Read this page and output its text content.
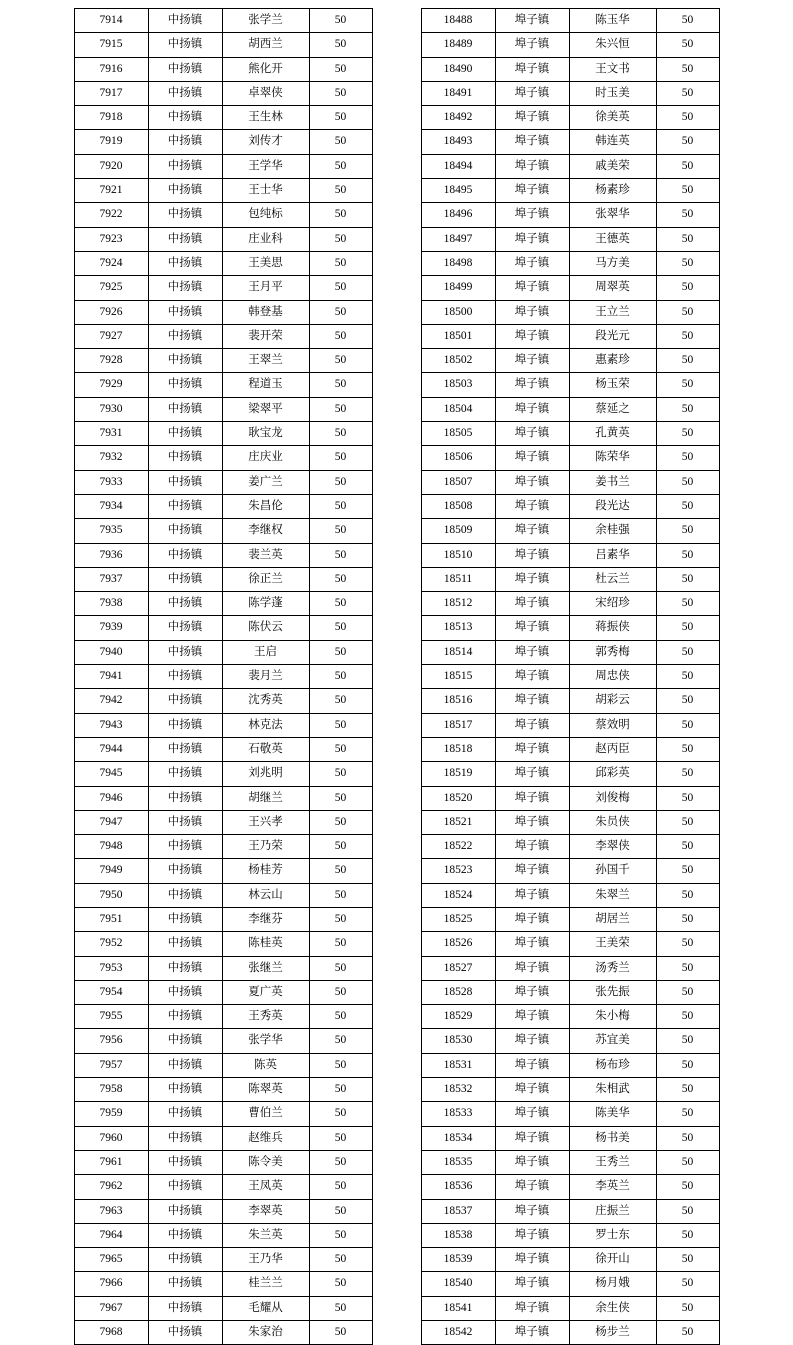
7914	中扬镇	张学兰	50
7915	中扬镇	胡西兰	50
7916	中扬镇	熊化开	50
7917	中扬镇	卓翠侠	50
7918	中扬镇	王生林	50
7919	中扬镇	刘传才	50
7920	中扬镇	王学华	50
7921	中扬镇	王士华	50
7922	中扬镇	包纯标	50
7923	中扬镇	庄业科	50
7924	中扬镇	王美思	50
7925	中扬镇	王月平	50
7926	中扬镇	韩登基	50
7927	中扬镇	裴开荣	50
7928	中扬镇	王翠兰	50
7929	中扬镇	程道玉	50
7930	中扬镇	梁翠平	50
7931	中扬镇	耿宝龙	50
7932	中扬镇	庄庆业	50
7933	中扬镇	姜广兰	50
7934	中扬镇	朱昌伦	50
7935	中扬镇	李继权	50
7936	中扬镇	裴兰英	50
7937	中扬镇	徐正兰	50
7938	中扬镇	陈学蓬	50
7939	中扬镇	陈伏云	50
7940	中扬镇	王启	50
7941	中扬镇	裴月兰	50
7942	中扬镇	沈秀英	50
7943	中扬镇	林克法	50
7944	中扬镇	石敬英	50
7945	中扬镇	刘兆明	50
7946	中扬镇	胡继兰	50
7947	中扬镇	王兴孝	50
7948	中扬镇	王乃荣	50
7949	中扬镇	杨桂芳	50
7950	中扬镇	林云山	50
7951	中扬镇	李继芬	50
7952	中扬镇	陈桂英	50
7953	中扬镇	张继兰	50
7954	中扬镇	夏广英	50
7955	中扬镇	王秀英	50
7956	中扬镇	张学华	50
7957	中扬镇	陈英	50
7958	中扬镇	陈翠英	50
7959	中扬镇	曹伯兰	50
7960	中扬镇	赵维兵	50
7961	中扬镇	陈令美	50
7962	中扬镇	王凤英	50
7963	中扬镇	李翠英	50
7964	中扬镇	朱兰英	50
7965	中扬镇	王乃华	50
7966	中扬镇	桂兰兰	50
7967	中扬镇	毛耀从	50
7968	中扬镇	朱家治	50
18488	埠子镇	陈玉华	50
18489	埠子镇	朱兴恒	50
18490	埠子镇	王文书	50
18491	埠子镇	时玉美	50
18492	埠子镇	徐美英	50
18493	埠子镇	韩连英	50
18494	埠子镇	戚美荣	50
18495	埠子镇	杨素珍	50
18496	埠子镇	张翠华	50
18497	埠子镇	王德英	50
18498	埠子镇	马方美	50
18499	埠子镇	周翠英	50
18500	埠子镇	王立兰	50
18501	埠子镇	段光元	50
18502	埠子镇	惠素珍	50
18503	埠子镇	杨玉荣	50
18504	埠子镇	蔡延之	50
18505	埠子镇	孔黄英	50
18506	埠子镇	陈荣华	50
18507	埠子镇	姜书兰	50
18508	埠子镇	段光达	50
18509	埠子镇	余桂强	50
18510	埠子镇	吕素华	50
18511	埠子镇	杜云兰	50
18512	埠子镇	宋绍珍	50
18513	埠子镇	蒋振侠	50
18514	埠子镇	郭秀梅	50
18515	埠子镇	周忠侠	50
18516	埠子镇	胡彩云	50
18517	埠子镇	蔡效明	50
18518	埠子镇	赵丙臣	50
18519	埠子镇	邱彩英	50
18520	埠子镇	刘俊梅	50
18521	埠子镇	朱员侠	50
18522	埠子镇	李翠侠	50
18523	埠子镇	孙国千	50
18524	埠子镇	朱翠兰	50
18525	埠子镇	胡居兰	50
18526	埠子镇	王美荣	50
18527	埠子镇	汤秀兰	50
18528	埠子镇	张先振	50
18529	埠子镇	朱小梅	50
18530	埠子镇	苏宜美	50
18531	埠子镇	杨布珍	50
18532	埠子镇	朱相武	50
18533	埠子镇	陈美华	50
18534	埠子镇	杨书美	50
18535	埠子镇	王秀兰	50
18536	埠子镇	李英兰	50
18537	埠子镇	庄振兰	50
18538	埠子镇	罗士东	50
18539	埠子镇	徐开山	50
18540	埠子镇	杨月娥	50
18541	埠子镇	余生侠	50
18542	埠子镇	杨步兰	50
